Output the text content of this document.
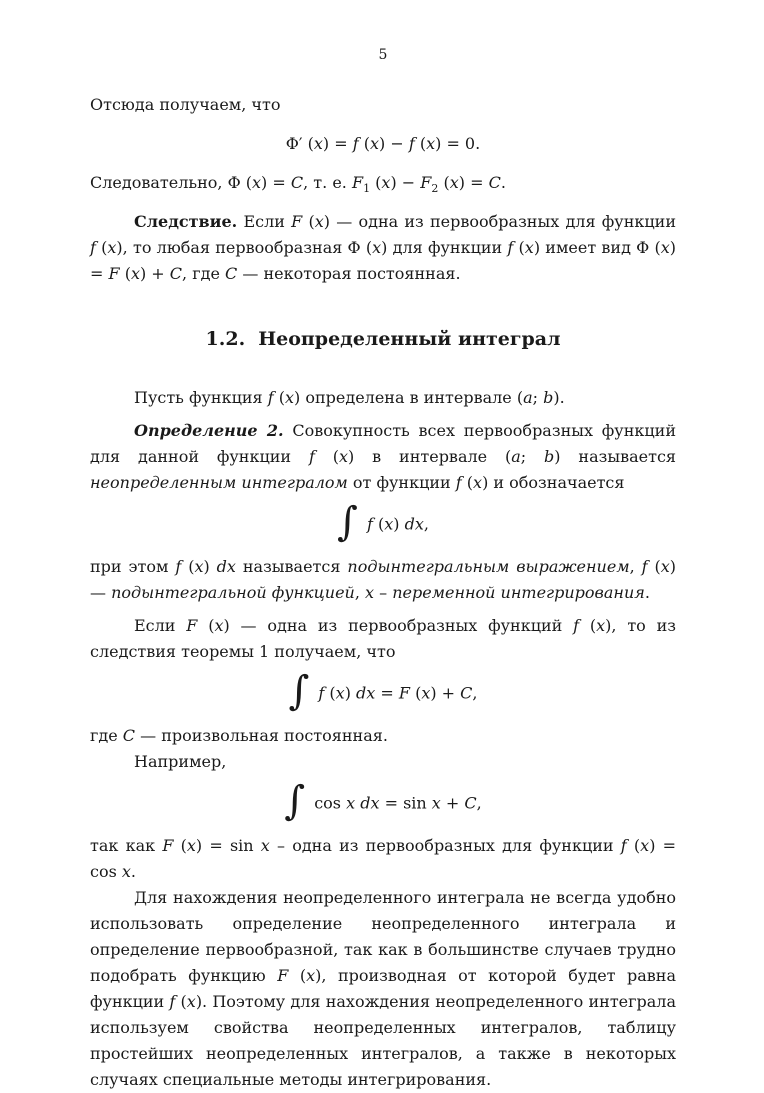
5

Отсюда получаем, что

Φ′ (x) = f (x) − f (x) = 0.

Следовательно, Φ (x) = C, т. е. $F_1$ $(x) - F_2$ (x) = C.

Следствие. Если F (x) — одна из первообразных для функции f (x), то любая первообразная Φ (x) для функции f (x) имеет вид Φ (x) = F (x) + C, где C — некоторая постоянная.

1.2. Неопределенный интеграл

Пусть функция f (x) определена в интервале (a; b).

Определение 2. Совокупность всех первообразных функций для данной функции f (x) в интервале (a; b) называется неопределенным интегралом от функции f (x) и обозначается

∫ f (x) dx,

при этом f (x) dx называется подынтегральным выражением, f (x) — подынтегральной функцией, x – переменной интегрирования.

Если F (x) — одна из первообразных функций f (x), то из следствия теоремы 1 получаем, что

∫ f (x) dx = F (x) + C,

где C — произвольная постоянная.

Например,

∫ cos x dx = sin x + C,

так как F (x) = sin x – одна из первообразных для функции f (x) = cos x.

Для нахождения неопределенного интеграла не всегда удобно использовать определение неопределенного интеграла и определение первообразной, так как в большинстве случаев трудно подобрать функцию F (x), производная от которой будет равна функции f (x). Поэтому для нахождения неопределенного интеграла используем свойства неопределенных интегралов, таблицу простейших неопределенных интегралов, а также в некоторых случаях специальные методы интегрирования.
